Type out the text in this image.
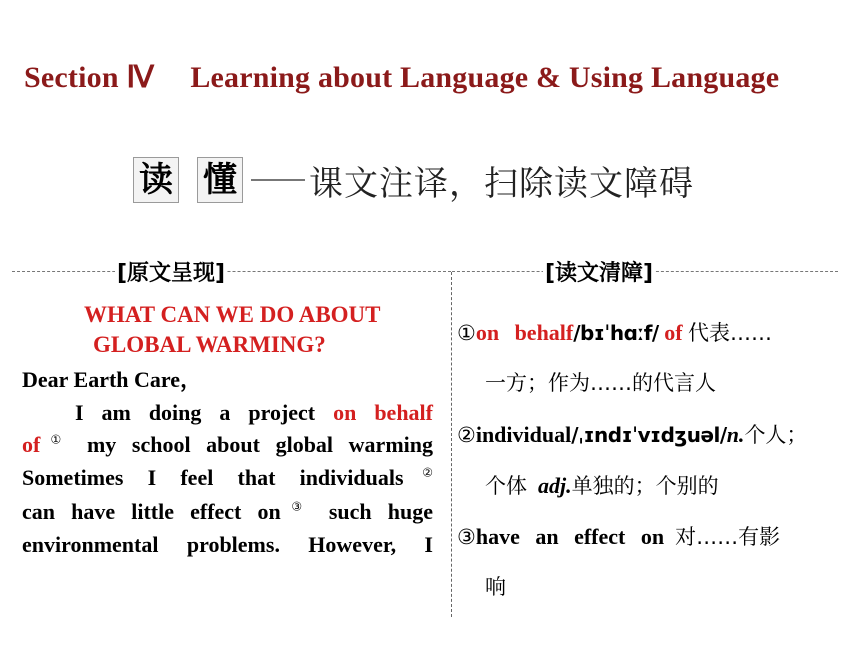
Section Ⅳ Learning about Language & Using Language
读 懂 课文注译，扫除读文障碍
[原文呈现]	[读文清障]
WHAT CAN WE DO ABOUT
GLOBAL WARMING?
Dear Earth Care，
I am doing a project on behalf
of① my school about global warming
Sometimes I feel that individuals②
can have little effect on③ such huge
environmental problems. However, I
①on behalf/bɪˈhɑːf/ of 代表……
一方；作为……的代言人
②individual/ˌɪndɪˈvɪdʒuəl/n.个人；
个体 adj.单独的；个别的
③have an effect on 对……有影
响
